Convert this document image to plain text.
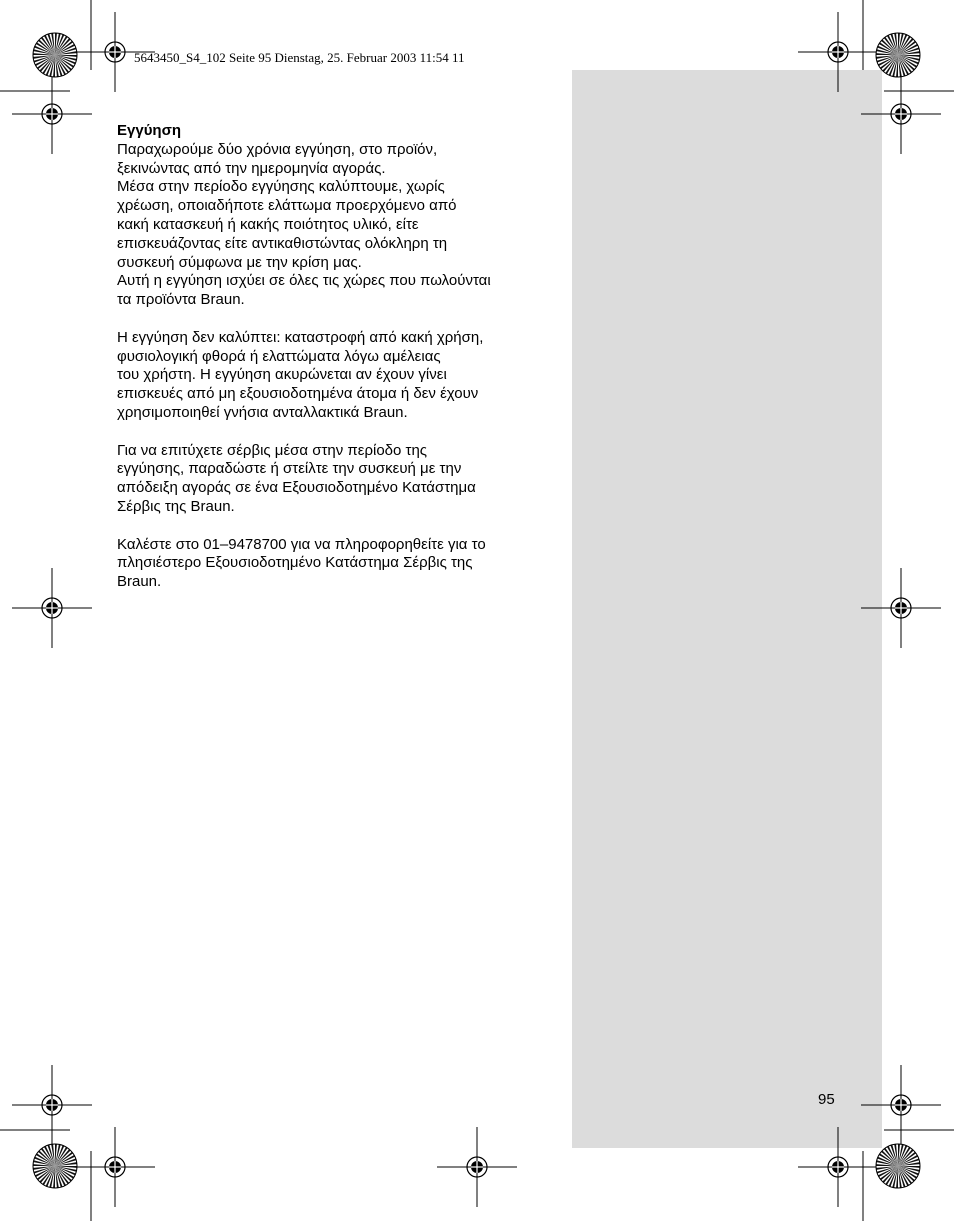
5643450_S4_102 Seite 95 Dienstag, 25. Februar 2003 11:54 11

Εγγύηση

Παραχωρούμε δύο χρόνια εγγύηση, στο προϊόν,

ξεκινώντας από την ημερομηνία αγοράς.

Μέσα στην περίοδο εγγύησης καλύπτουμε, χωρίς

χρέωση, οποιαδήποτε ελάττωμα προερχόμενο από

κακή κατασκευή ή κακής ποιότητος υλικό, είτε

επισκευάζοντας είτε αντικαθιστώντας ολόκληρη τη

συσκευή σύμφωνα με την κρίση μας.

Αυτή η εγγύηση ισχύει σε όλες τις χώρες που πωλούνται

τα προϊόντα Braun.

Η εγγύηση δεν καλύπτει: καταστροφή από κακή χρήση,

φυσιολογική φθορά ή ελαττώματα λόγω αμέλειας

του χρήστη. Η εγγύηση ακυρώνεται αν έχουν γίνει

επισκευές από μη εξουσιοδοτημένα άτομα ή δεν έχουν

χρησιμοποιηθεί γνήσια ανταλλακτικά Braun.

Για να επιτύχετε σέρβις μέσα στην περίοδο της

εγγύησης, παραδώστε ή στείλτε την συσκευή με την

απόδειξη αγοράς σε ένα Εξουσιοδοτημένο Κατάστημα

Σέρβις της Braun.

Καλέστε στο 01–9478700 για να πληροφορηθείτε για το

πλησιέστερο Εξουσιοδοτημένο Κατάστημα Σέρβις της

Braun.

95
